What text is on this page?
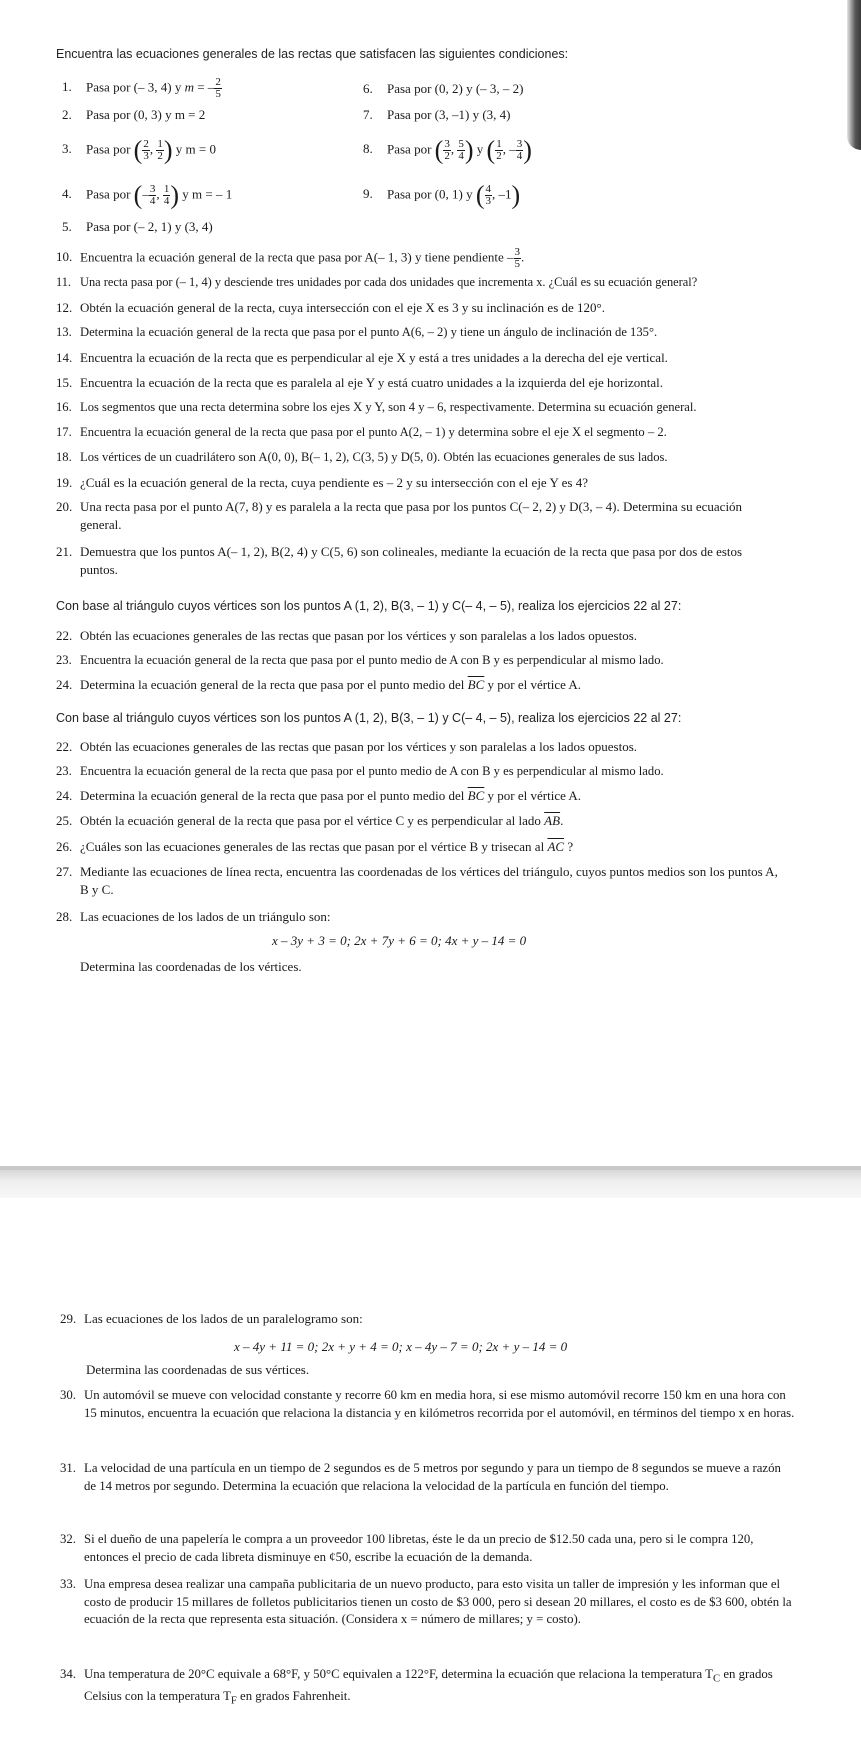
Encuentra las ecuaciones generales de las rectas que satisfacen las siguientes condiciones:
1. Pasa por (– 3, 4) y m = – $\frac{2}{5}$
2. Pasa por (0, 3) y m = 2
3. Pasa por ( $\frac{2}{3}$ , $\frac{1}{2}$ ) y m = 0
4. Pasa por (– $\frac{3}{4}$ , $\frac{1}{4}$ ) y m = – 1
5. Pasa por (– 2, 1) y (3, 4)
6. Pasa por (0, 2) y (– 3, – 2)
7. Pasa por (3, –1) y (3, 4)
8. Pasa por ( $\frac{3}{2}$ , $\frac{5}{4}$ ) y ( $\frac{1}{2}$ , – $\frac{3}{4}$ )
9. Pasa por (0, 1) y ( $\frac{4}{3}$ , –1)
10. Encuentra la ecuación general de la recta que pasa por A(– 1, 3) y tiene pendiente – $\frac{3}{5}$ .
11. Una recta pasa por (– 1, 4) y desciende tres unidades por cada dos unidades que incrementa x. ¿Cuál es su ecuación general?
12. Obtén la ecuación general de la recta, cuya intersección con el eje X es 3 y su inclinación es de 120°.
13. Determina la ecuación general de la recta que pasa por el punto A(6, – 2) y tiene un ángulo de inclinación de 135°.
14. Encuentra la ecuación de la recta que es perpendicular al eje X y está a tres unidades a la derecha del eje vertical.
15. Encuentra la ecuación de la recta que es paralela al eje Y y está cuatro unidades a la izquierda del eje horizontal.
16. Los segmentos que una recta determina sobre los ejes X y Y, son 4 y – 6, respectivamente. Determina su ecuación general.
17. Encuentra la ecuación general de la recta que pasa por el punto A(2, – 1) y determina sobre el eje X el segmento – 2.
18. Los vértices de un cuadrilátero son A(0, 0), B(– 1, 2), C(3, 5) y D(5, 0). Obtén las ecuaciones generales de sus lados.
19. ¿Cuál es la ecuación general de la recta, cuya pendiente es – 2 y su intersección con el eje Y es 4?
20. Una recta pasa por el punto A(7, 8) y es paralela a la recta que pasa por los puntos C(– 2, 2) y D(3, – 4). Determina su ecuación general.
21. Demuestra que los puntos A(– 1, 2), B(2, 4) y C(5, 6) son colineales, mediante la ecuación de la recta que pasa por dos de estos puntos.
Con base al triángulo cuyos vértices son los puntos A (1, 2), B(3, – 1) y C(– 4, – 5), realiza los ejercicios 22 al 27:
22. Obtén las ecuaciones generales de las rectas que pasan por los vértices y son paralelas a los lados opuestos.
23. Encuentra la ecuación general de la recta que pasa por el punto medio de A con B y es perpendicular al mismo lado.
24. Determina la ecuación general de la recta que pasa por el punto medio del $\overline{BC}$ y por el vértice A.
Con base al triángulo cuyos vértices son los puntos A (1, 2), B(3, – 1) y C(– 4, – 5), realiza los ejercicios 22 al 27:
22. Obtén las ecuaciones generales de las rectas que pasan por los vértices y son paralelas a los lados opuestos.
23. Encuentra la ecuación general de la recta que pasa por el punto medio de A con B y es perpendicular al mismo lado.
24. Determina la ecuación general de la recta que pasa por el punto medio del $\overline{BC}$ y por el vértice A.
25. Obtén la ecuación general de la recta que pasa por el vértice C y es perpendicular al lado $\overline{AB}$.
26. ¿Cuáles son las ecuaciones generales de las rectas que pasan por el vértice B y trisecan al $\overline{AC}$ ?
27. Mediante las ecuaciones de línea recta, encuentra las coordenadas de los vértices del triángulo, cuyos puntos medios son los puntos A, B y C.
28. Las ecuaciones de los lados de un triángulo son:
x – 3y + 3 = 0; 2x + 7y + 6 = 0; 4x + y – 14 = 0
Determina las coordenadas de los vértices.
29. Las ecuaciones de los lados de un paralelogramo son:
x – 4y + 11 = 0; 2x + y + 4 = 0; x – 4y – 7 = 0; 2x + y – 14 = 0
Determina las coordenadas de sus vértices.
30. Un automóvil se mueve con velocidad constante y recorre 60 km en media hora, si ese mismo automóvil recorre 150 km en una hora con 15 minutos, encuentra la ecuación que relaciona la distancia y en kilómetros recorrida por el automóvil, en términos del tiempo x en horas.
31. La velocidad de una partícula en un tiempo de 2 segundos es de 5 metros por segundo y para un tiempo de 8 segundos se mueve a razón de 14 metros por segundo. Determina la ecuación que relaciona la velocidad de la partícula en función del tiempo.
32. Si el dueño de una papelería le compra a un proveedor 100 libretas, éste le da un precio de $12.50 cada una, pero si le compra 120, entonces el precio de cada libreta disminuye en ¢50, escribe la ecuación de la demanda.
33. Una empresa desea realizar una campaña publicitaria de un nuevo producto, para esto visita un taller de impresión y les informan que el costo de producir 15 millares de folletos publicitarios tienen un costo de $3 000, pero si desean 20 millares, el costo es de $3 600, obtén la ecuación de la recta que representa esta situación. (Considera x = número de millares; y = costo).
34. Una temperatura de 20°C equivale a 68°F, y 50°C equivalen a 122°F, determina la ecuación que relaciona la temperatura $T_C$ en grados Celsius con la temperatura $T_F$ en grados Fahrenheit.
